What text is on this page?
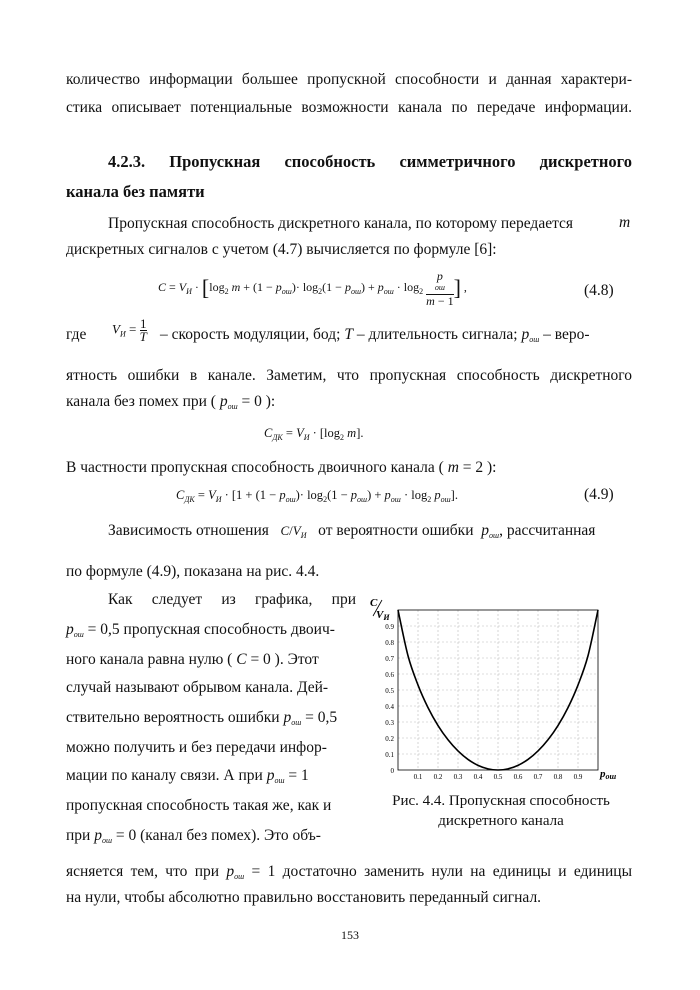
количество информации большее пропускной способности и данная характери-
стика описывает потенциальные возможности канала по передаче информации.
4.2.3. Пропускная способность симметричного дискретного
канала без памяти
Пропускная способность дискретного канала, по которому передается	m
дискретных сигналов с учетом (4.7) вычисляется по формуле [6]:
$C = V_И \cdot [\log_2$ $m + (1 - p_{ош})\cdot \log_2(1 - p_{ош}) + p_{ош} \cdot \log_2 p$
ош
m − 1 ] ,	(4.8)
где $V_И = \frac{1}{T}$ – скорость модуляции, бод; T – длительность сигнала; $p_{ош}$ – веро-
ятность ошибки в канале. Заметим, что пропускная способность дискретного
канала без помех при ( $p_{ош} = 0$ ):
$C_{ДК} = V_И \cdot [\log_2$ m].
В частности пропускная способность двоичного канала ( m = 2 ):
$C_{ДК} = V_И \cdot [1 + (1 - p_{ош})\cdot \log_2(1 - p_{ош}) + p_{ош} \cdot \log_2 p_{ош}]$.	(4.9)
Зависимость отношения $C/V_И$ от вероятности ошибки $p_{ош}$, рассчитанная
по формуле (4.9), показана на рис. 4.4.
Как следует из графика, при
$p_{ош} = 0,5$ пропускная способность двоич-
ного канала равна нулю ( C = 0 ). Этот
случай называют обрывом канала. Дей-
ствительно вероятность ошибки $p_{ош} = 0,5$
можно получить и без передачи инфор-
мации по каналу связи. А при $p_{ош} = 1$
пропускная способность такая же, как и
при $p_{ош} = 0$ (канал без помех). Это объ-
0
0.1
0.2
0.3
0.4
0.5
0.6
0.7
0.8
0.9
0.1 0.2 0.3 0.4 0.5 0.6 0.7 0.8 0.9
C
VИ
pош
Рис. 4.4. Пропускная способность
дискретного канала
ясняется тем, что при $p_{ош} = 1$ достаточно заменить нули на единицы и единицы
на нули, чтобы абсолютно правильно восстановить переданный сигнал.
153
